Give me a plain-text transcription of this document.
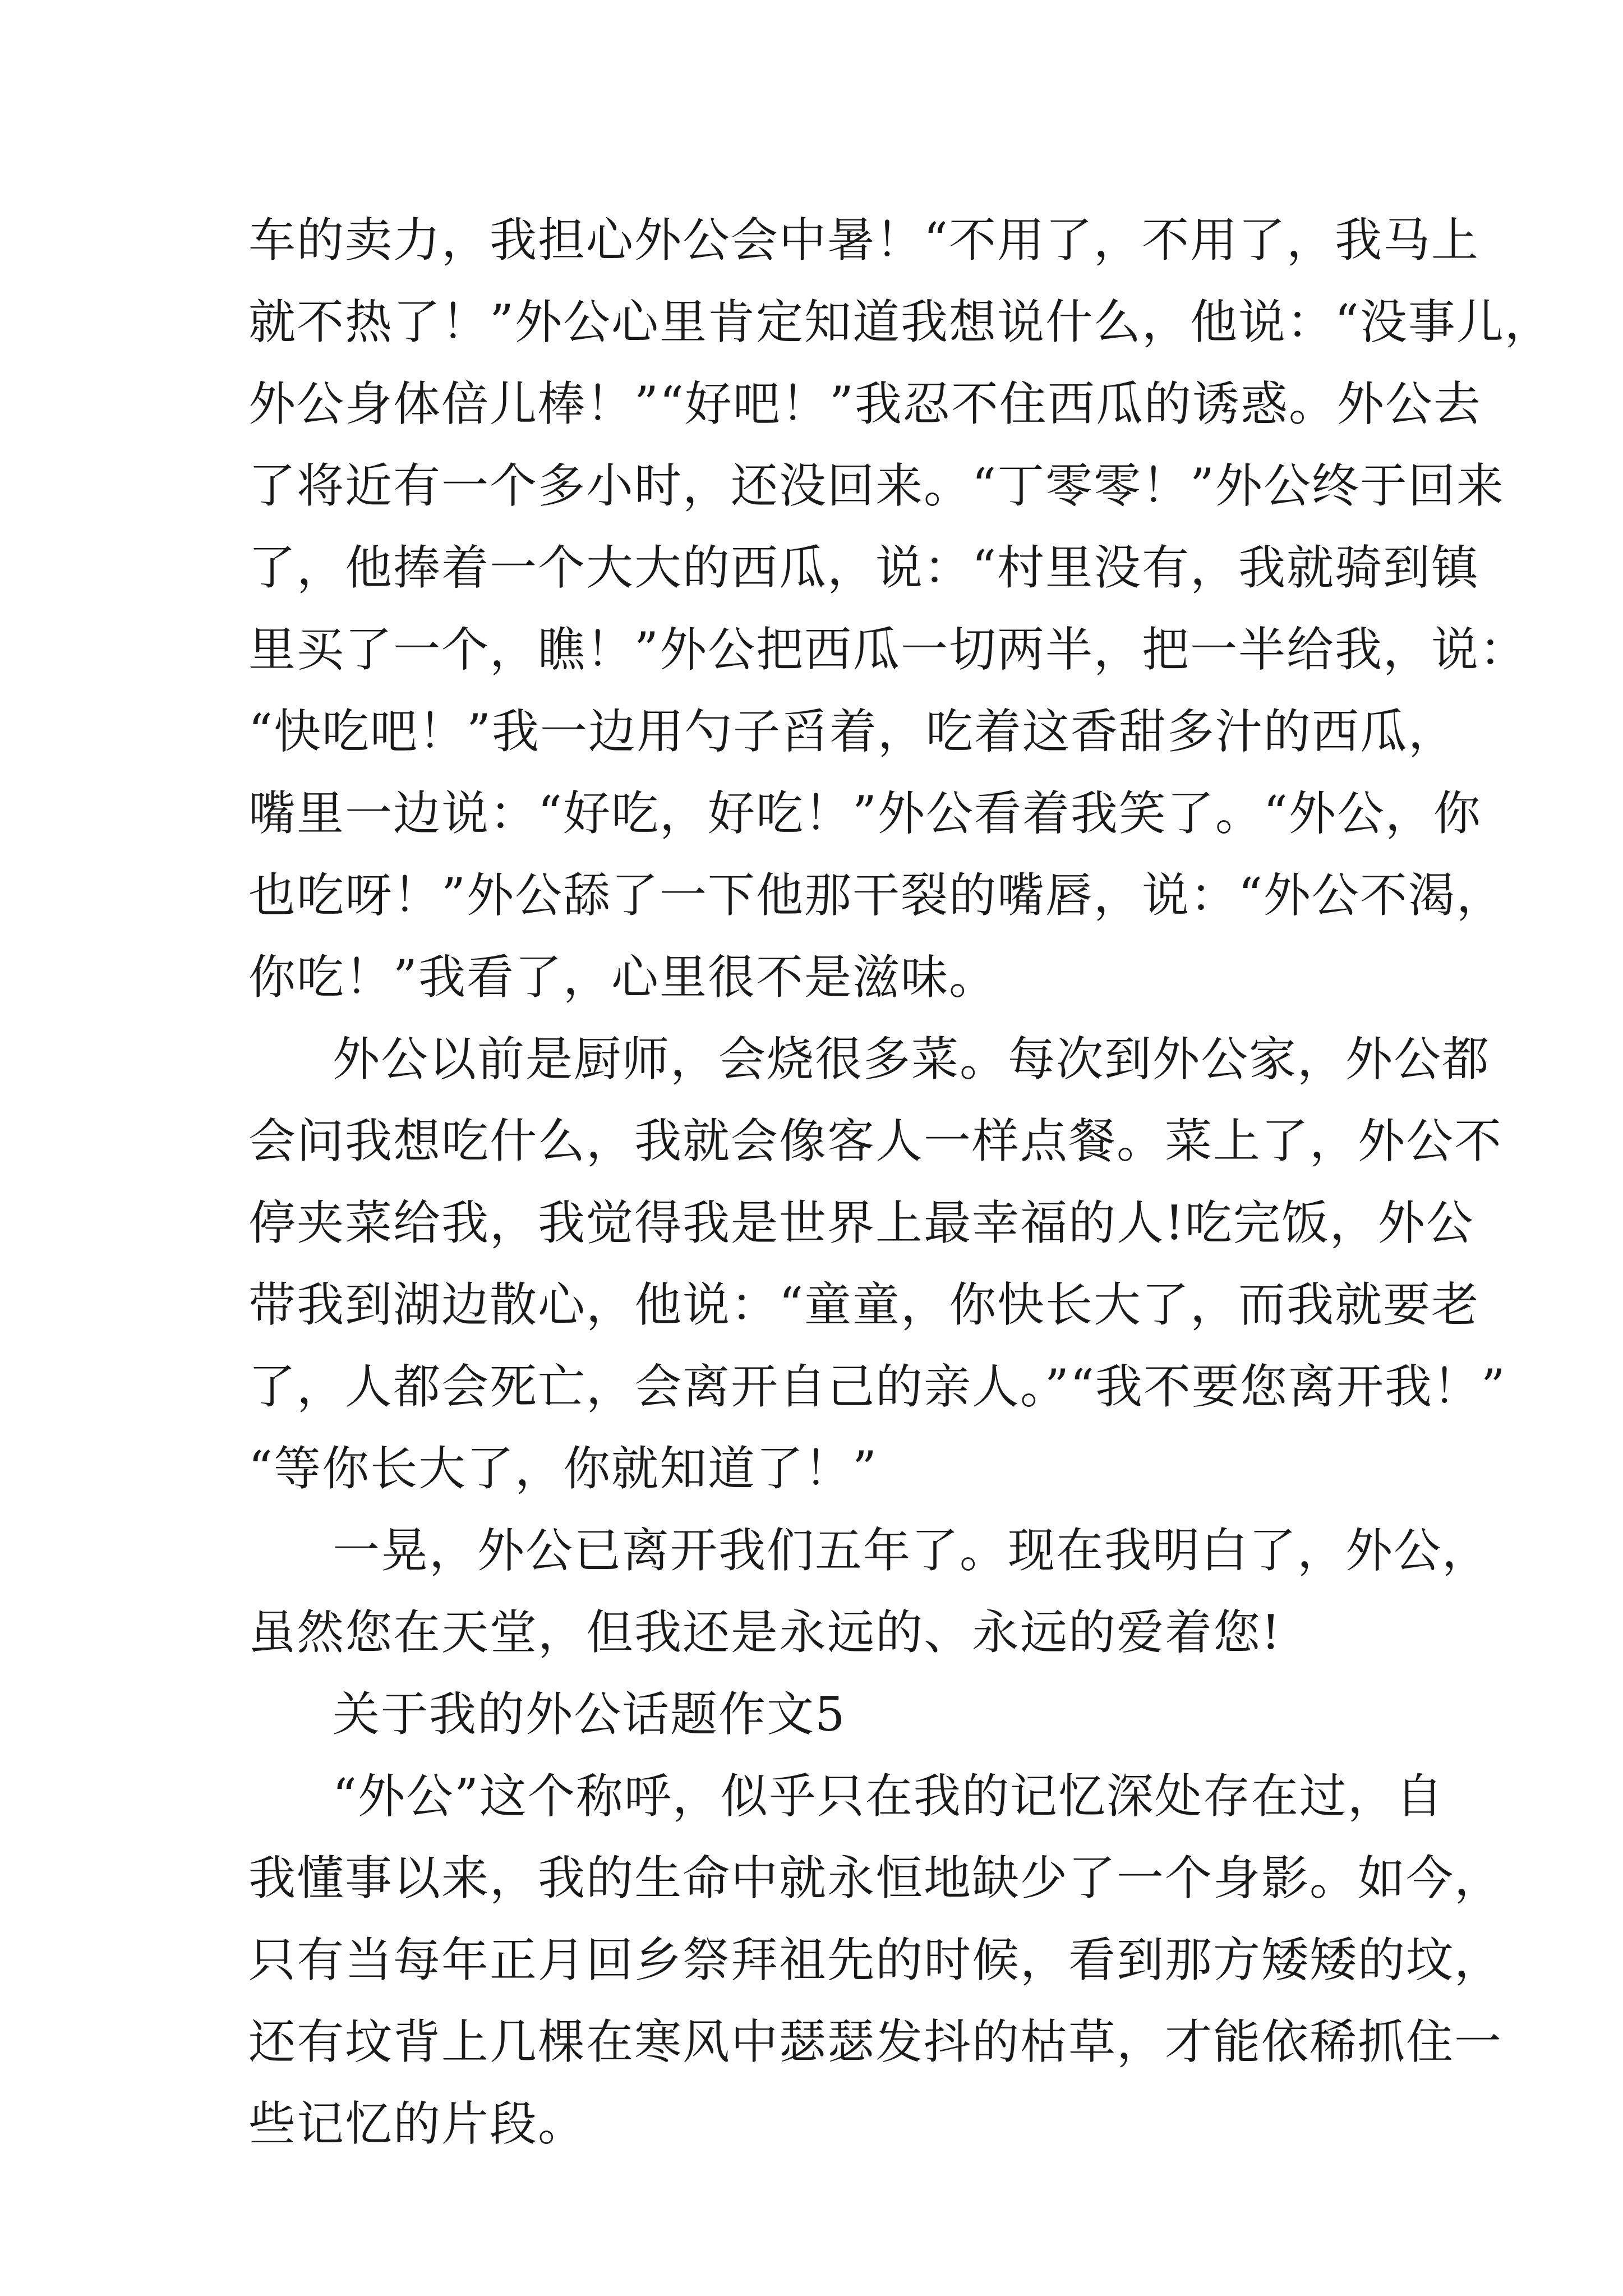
车的卖力，我担心外公会中暑！“不用了，不用了，我马上
就不热了！”外公心里肯定知道我想说什么，他说：“没事儿，
外公身体倍儿棒！”“好吧！”我忍不住西瓜的诱惑。外公去
了将近有一个多小时，还没回来。“丁零零！”外公终于回来
了，他捧着一个大大的西瓜，说：“村里没有，我就骑到镇
里买了一个，瞧！”外公把西瓜一切两半，把一半给我，说：
“快吃吧！”我一边用勺子舀着，吃着这香甜多汁的西瓜，
嘴里一边说：“好吃，好吃！”外公看着我笑了。“外公，你
也吃呀！”外公舔了一下他那干裂的嘴唇，说：“外公不渴，
你吃！”我看了，心里很不是滋味。
外公以前是厨师，会烧很多菜。每次到外公家，外公都
会问我想吃什么，我就会像客人一样点餐。菜上了，外公不
停夹菜给我，我觉得我是世界上最幸福的人!吃完饭，外公
带我到湖边散心，他说：“童童，你快长大了，而我就要老
了，人都会死亡，会离开自己的亲人。”“我不要您离开我！”
“等你长大了，你就知道了！”
一晃，外公已离开我们五年了。现在我明白了，外公，
虽然您在天堂，但我还是永远的、永远的爱着您!
关于我的外公话题作文5
“外公”这个称呼，似乎只在我的记忆深处存在过，自
我懂事以来，我的生命中就永恒地缺少了一个身影。如今，
只有当每年正月回乡祭拜祖先的时候，看到那方矮矮的坟，
还有坟背上几棵在寒风中瑟瑟发抖的枯草，才能依稀抓住一
些记忆的片段。
